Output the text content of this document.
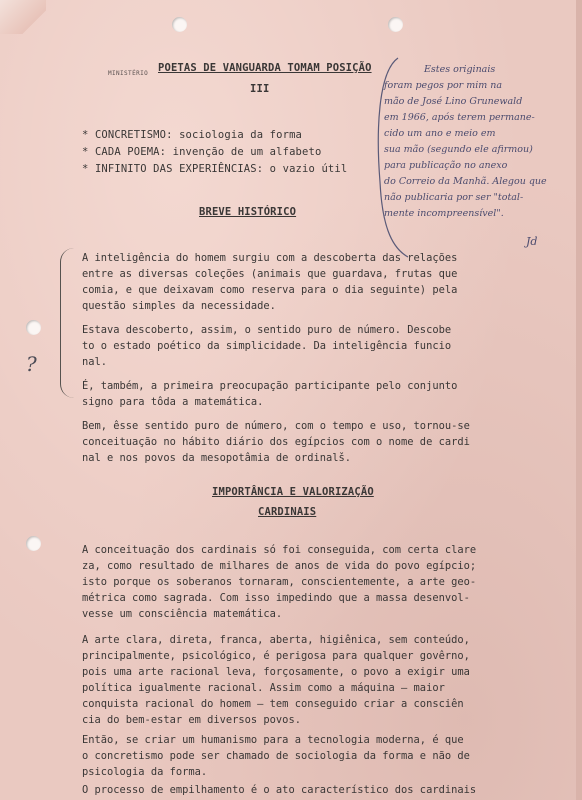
MINISTÉRIO POETAS DE VANGUARDA TOMAM POSIÇÃO
III
* CONCRETISMO: sociologia da forma
* CADA POEMA: invenção de um alfabeto
* INFINITO DAS EXPERIÊNCIAS: o vazio útil
Estes originais
foram pegos por mim na
mão de José Lino Grunewald
em 1966, após terem permane-
cido um ano e meio em
sua mão (segundo ele afirmou)
para publicação no anexo
do Correio da Manhã. Alegou que
não publicaria por ser "total-
mente incompreensível".
Jd
BREVE HISTÓRICO
?
A inteligência do homem surgiu com a descoberta das relações
entre as diversas coleções (animais que guardava, frutas que
comia, e que deixavam como reserva para o dia seguinte) pela
questão simples da necessidade.
Estava descoberto, assim, o sentido puro de número. Descobe
to o estado poético da simplicidade. Da inteligência funcio
nal.
É, também, a primeira preocupação participante pelo conjunto
signo para tôda a matemática.
Bem, êsse sentido puro de número, com o tempo e uso, tornou-se
conceituação no hábito diário dos egípcios com o nome de cardi
nal e nos povos da mesopotâmia de ordinalš.
IMPORTÂNCIA E VALORIZAÇÃO
CARDINAIS
A conceituação dos cardinais só foi conseguida, com certa clare
za, como resultado de milhares de anos de vida do povo egípcio;
isto porque os soberanos tornaram, conscientemente, a arte geo-
métrica como sagrada. Com isso impedindo que a massa desenvol-
vesse um consciência matemática.
A arte clara, direta, franca, aberta, higiênica, sem conteúdo,
principalmente, psicológico, é perigosa para qualquer govêrno,
pois uma arte racional leva, forçosamente, o povo a exigir uma
política igualmente racional. Assim como a máquina — maior
conquista racional do homem — tem conseguido criar a consciên
cia do bem-estar em diversos povos.
Então, se criar um humanismo para a tecnologia moderna, é que
o concretismo pode ser chamado de sociologia da forma e não de
psicologia da forma.
O processo de empilhamento é o ato característico dos cardinais
